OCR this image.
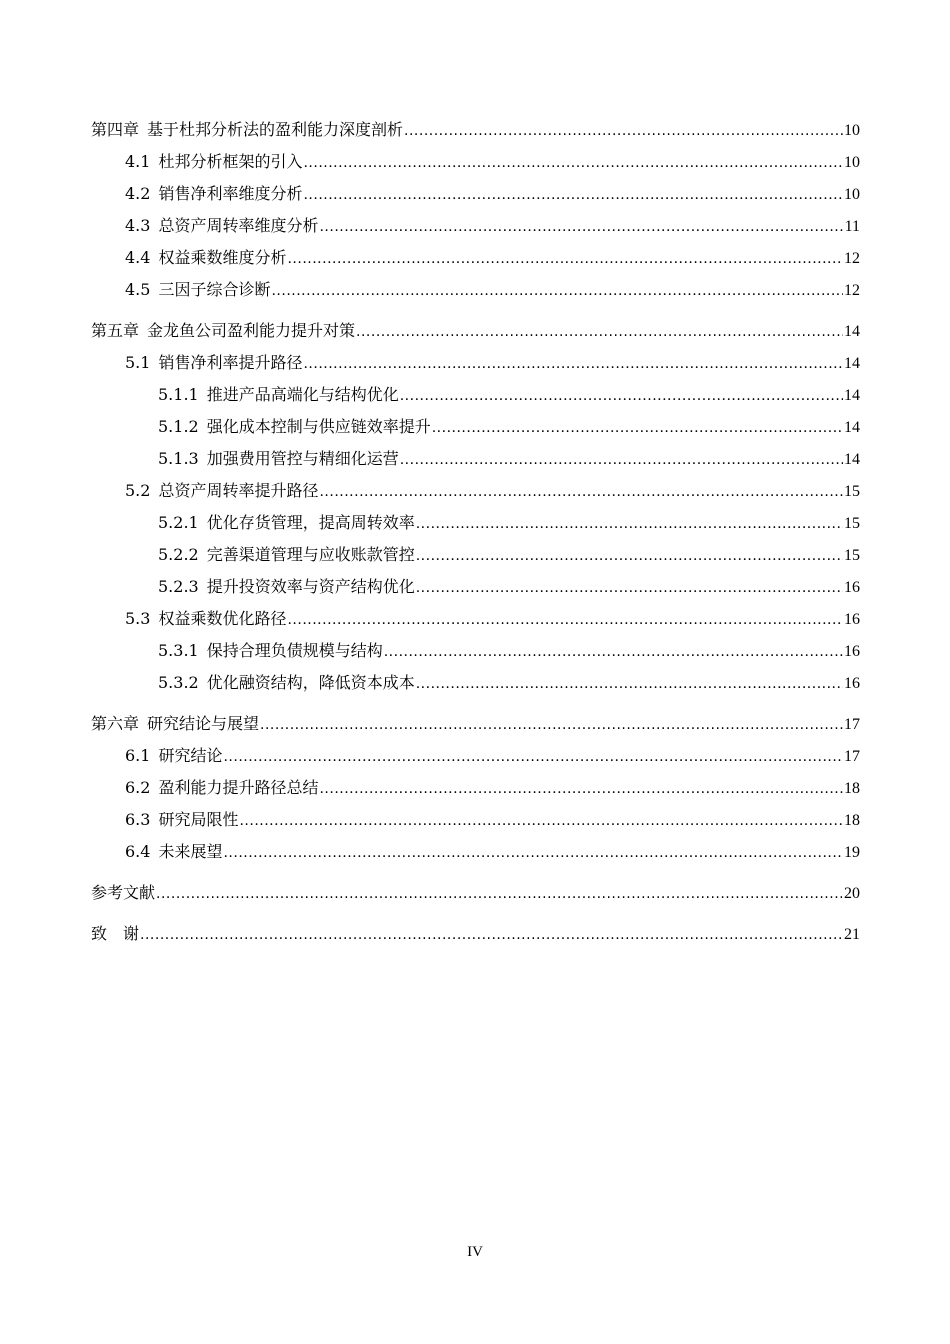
第四章 基于杜邦分析法的盈利能力深度剖析 .....	10
4.1 杜邦分析框架的引入 .....	10
4.2 销售净利率维度分析 .....	10
4.3 总资产周转率维度分析 .....	11
4.4 权益乘数维度分析 .....	12
4.5 三因子综合诊断 .....	12
第五章 金龙鱼公司盈利能力提升对策 .....	14
5.1 销售净利率提升路径 .....	14
5.1.1 推进产品高端化与结构优化 .....	14
5.1.2 强化成本控制与供应链效率提升 .....	14
5.1.3 加强费用管控与精细化运营 .....	14
5.2 总资产周转率提升路径 .....	15
5.2.1 优化存货管理，提高周转效率 .....	15
5.2.2 完善渠道管理与应收账款管控 .....	15
5.2.3 提升投资效率与资产结构优化 .....	16
5.3 权益乘数优化路径 .....	16
5.3.1 保持合理负债规模与结构 .....	16
5.3.2 优化融资结构，降低资本成本 .....	16
第六章 研究结论与展望 .....	17
6.1 研究结论 .....	17
6.2 盈利能力提升路径总结 .....	18
6.3 研究局限性 .....	18
6.4 未来展望 .....	19
参考文献 .....	20
致　谢 .....	21
IV
